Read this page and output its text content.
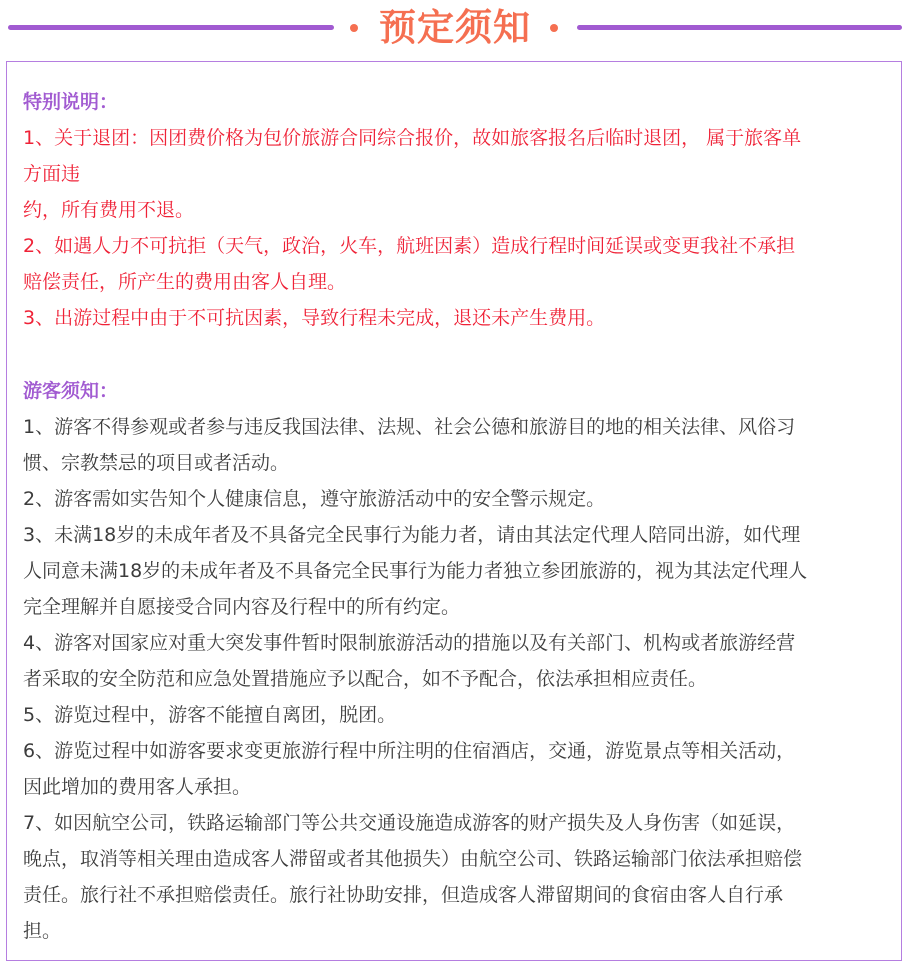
预定须知
特别说明：

1、关于退团：因团费价格为包价旅游合同综合报价，故如旅客报名后临时退团， 属于旅客单

方面违

约，所有费用不退。

2、如遇人力不可抗拒（天气，政治，火车，航班因素）造成行程时间延误或变更我社不承担

赔偿责任，所产生的费用由客人自理。

3、出游过程中由于不可抗因素，导致行程未完成，退还未产生费用。

游客须知：

1、游客不得参观或者参与违反我国法律、法规、社会公德和旅游目的地的相关法律、风俗习

惯、宗教禁忌的项目或者活动。

2、游客需如实告知个人健康信息，遵守旅游活动中的安全警示规定。

3、未满18岁的未成年者及不具备完全民事行为能力者，请由其法定代理人陪同出游，如代理

人同意未满18岁的未成年者及不具备完全民事行为能力者独立参团旅游的，视为其法定代理人

完全理解并自愿接受合同内容及行程中的所有约定。

4、游客对国家应对重大突发事件暂时限制旅游活动的措施以及有关部门、机构或者旅游经营

者采取的安全防范和应急处置措施应予以配合，如不予配合，依法承担相应责任。

5、游览过程中，游客不能擅自离团，脱团。

6、游览过程中如游客要求变更旅游行程中所注明的住宿酒店，交通，游览景点等相关活动，

因此增加的费用客人承担。

7、如因航空公司，铁路运输部门等公共交通设施造成游客的财产损失及人身伤害（如延误，

晚点，取消等相关理由造成客人滞留或者其他损失）由航空公司、铁路运输部门依法承担赔偿

责任。旅行社不承担赔偿责任。旅行社协助安排，但造成客人滞留期间的食宿由客人自行承

担。
